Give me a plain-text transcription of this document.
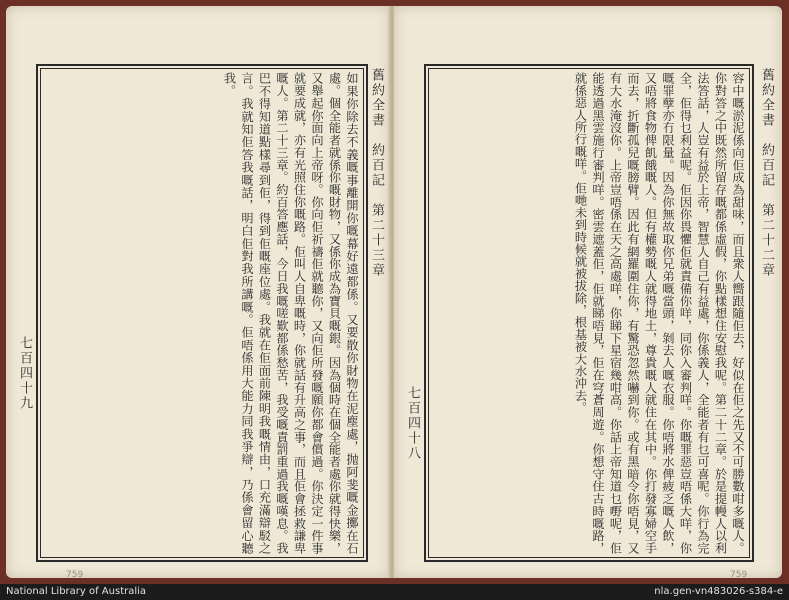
舊約全書　約百記　第二十三章
七百四十九	如果你除去不義嘅事離開你嘅幕好遠都係。又要散你財物在泥塵處，抛阿斐嘅金擲在石處。個全能者就係你嘅財物，又係你成為寶貝嘅銀。因為個時在個全能者處你就得快樂，又舉起你面向上帝呀。你向佢祈禱佢就聽你，又向佢所發嘅願你都會償過。你決定一件事就要成就，亦有光照住你嘅路。佢叫人自卑嘅時，你就話有升高之事，而且佢會拯救謙卑嘅人。第二十三章。約百答應話，今日我嘅嗟歎都係愁苦，我受嘅責罰重過我嘅嘆息。我巴不得知道點樣尋到佢，得到佢嘅座位處。我就在佢面前陳明我嘅情由，口充滿辯駁之言。我就知佢答我嘅話，明白佢對我所講嘅。佢唔係用大能力同我爭辯，乃係會留心聽我。
759
舊約全書　約百記　第二十二章
七百四十八	容中嘅淤泥係向佢成為甜味，而且衆人嚮跟隨佢去，好似在佢之先又不可勝數咁多嘅人。你對答之中既然所留存嘅都係虛假，你點樣想住安慰我呢。第二十二章。於是提幔人以利法答話，人豈有益於上帝，智慧人自己有益處，你係義人，全能者有乜可喜呢。你行為完全，佢得乜利益呢。佢因你畏懼佢就責備你咩，同你入審判咩。你嘅罪惡豈唔係大咩，你嘅罪孽亦冇限量。因為你無故取你兄弟嘅當頭，剝去人嘅衣服。你唔將水俾疲乏嘅人飲，又唔將食物俾飢餓嘅人。但有權勢嘅人就得地土，尊貴嘅人就住在其中。你打發寡婦空手而去，折斷孤兒嘅膀臂。因此有網羅圍住你，有驚恐忽然嚇到你。或有黑暗令你唔見，又有大水淹沒你。上帝豈唔係在天之高處咩，你睇下星宿幾咁高。你話上帝知道乜嘢呢，佢能透過黑雲施行審判咩。密雲遮蓋佢，佢就睇唔見，佢在穹蒼周遊。你想守住古時嘅路，就係惡人所行嘅咩。佢哋未到時候就被拔除，根基被大水沖去。
759
National Library of Australia	nla.gen-vn483026-s384-e
